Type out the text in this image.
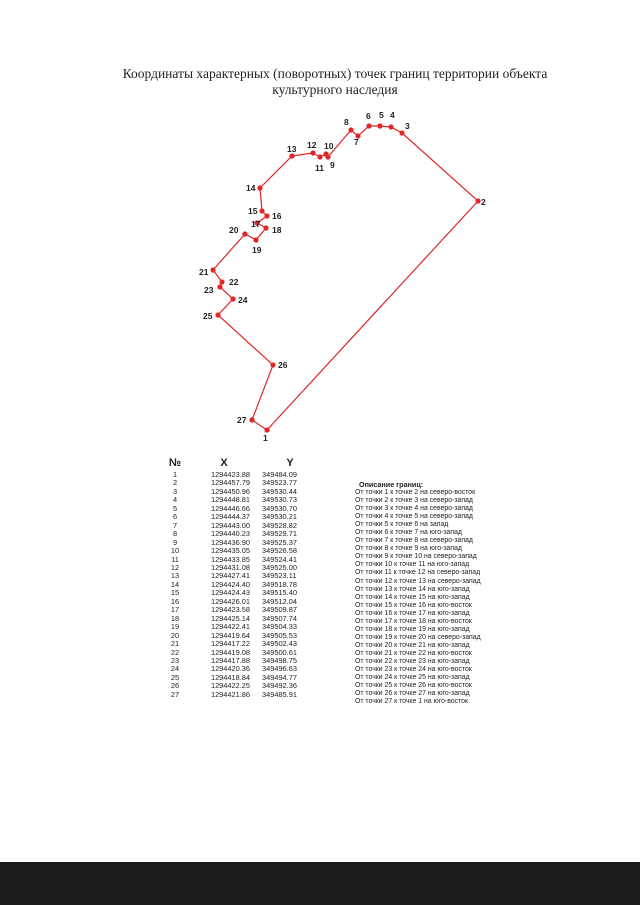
Координаты характерных (поворотных) точек границ территории объекта
культурного наследия
1
2
3
4
5
6
7
8
9
10
11
12
13
14
15 16
17
18
19
20
21
22
23
24
25
26
27
№	X	Y
1	1294423.88	349484.09
2	1294457.79	349523.77
3	1294450.96	349530.44
4	1294448.81	349530.73
5	1294446.66	349530.70
6	1294444.37	349530.21
7	1294443.00	349528.82
8	1294440.23	349529.71
9	1294436.90	349525.37
10	1294435.05	349526.58
11	1294433.85	349524.41
12	1294431.08	349525.00
13	1294427.41	349523.11
14	1294424.40	349518.78
15	1294424.43	349515.40
16	1294426.01	349512.04
17	1294423.58	349509.87
18	1294425.14	349507.74
19	1294422.41	349504.33
20	1294419.64	349505.53
21	1294417.22	349502.43
22	1294419.08	349500.61
23	1294417.88	349498.75
24	1294420.36	349496.63
25	1294418.84	349494.77
26	1294422.25	349492.36
27	1294421.86	349485.91
Описание границ:
От точки 1 к точке 2 на северо-восток
От точки 2 к точке 3 на северо-запад
От точки 3 к точке 4 на северо-запад
От точки 4 к точке 5 на северо-запад
От точки 5 к точке 6 на запад
От точки 6 к точке 7 на юго-запад
От точки 7 к точке 8 на северо-запад
От точки 8 к точке 9 на юго-запад
От точки 9 к точке 10 на северо-запад
От точки 10 к точке 11 на юго-запад
От точки 11 к точке 12 на северо-запад
От точки 12 к точке 13 на северо-запад
От точки 13 к точке 14 на юго-запад
От точки 14 к точке 15 на юго-запад
От точки 15 к точке 16 на юго-восток
От точки 16 к точке 17 на юго-запад
От точки 17 к точке 18 на юго-восток
От точки 18 к точке 19 на юго-запад
От точки 19 к точке 20 на северо-запад
От точки 20 к точке 21 на юго-запад
От точки 21 к точке 22 на юго-восток
От точки 22 к точке 23 на юго-запад
От точки 23 к точке 24 на юго-восток
От точки 24 к точке 25 на юго-запад
От точки 25 к точке 26 на юго-восток
От точки 26 к точке 27 на юго-запад
От точки 27 к точке 1 на юго-восток
